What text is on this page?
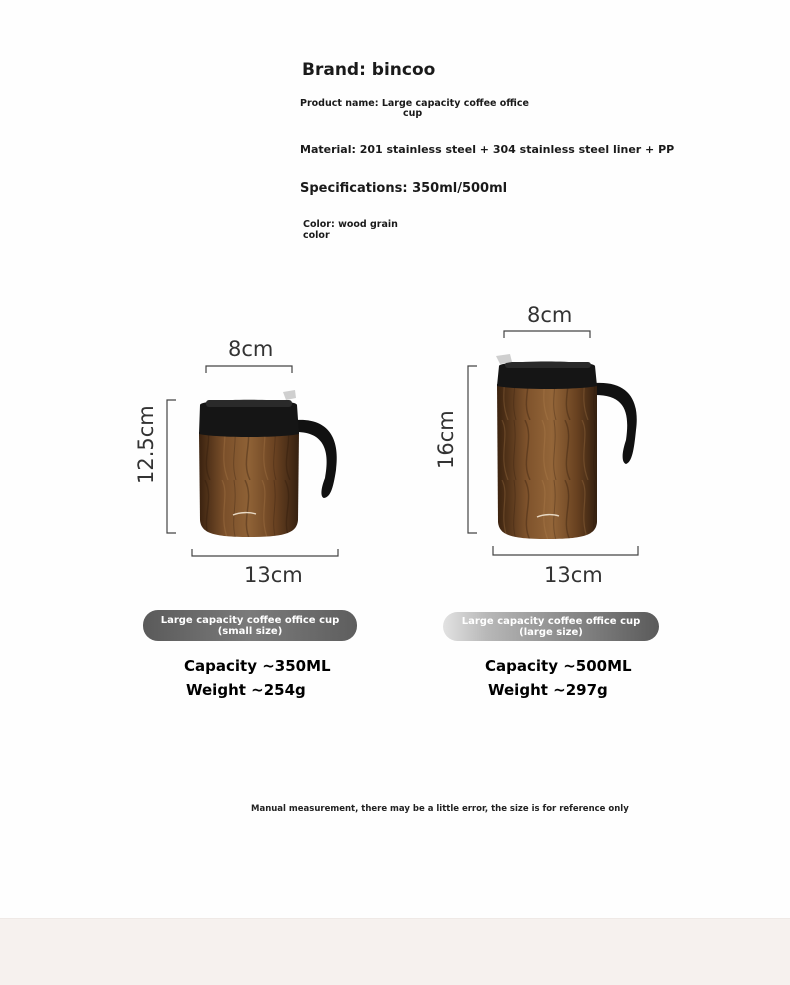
Brand: bincoo
Product name: Large capacity coffee office
cup
Material: 201 stainless steel + 304 stainless steel liner + PP
Specifications: 350ml/500ml
Color: wood grain
color
8cm
12.5cm
13cm
8cm
16cm
13cm
Large capacity coffee office cup
(small size)
Large capacity coffee office cup
(large size)
Capacity ~350ML
Weight ~254g
Capacity ~500ML
Weight ~297g
Manual measurement, there may be a little error, the size is for reference only
